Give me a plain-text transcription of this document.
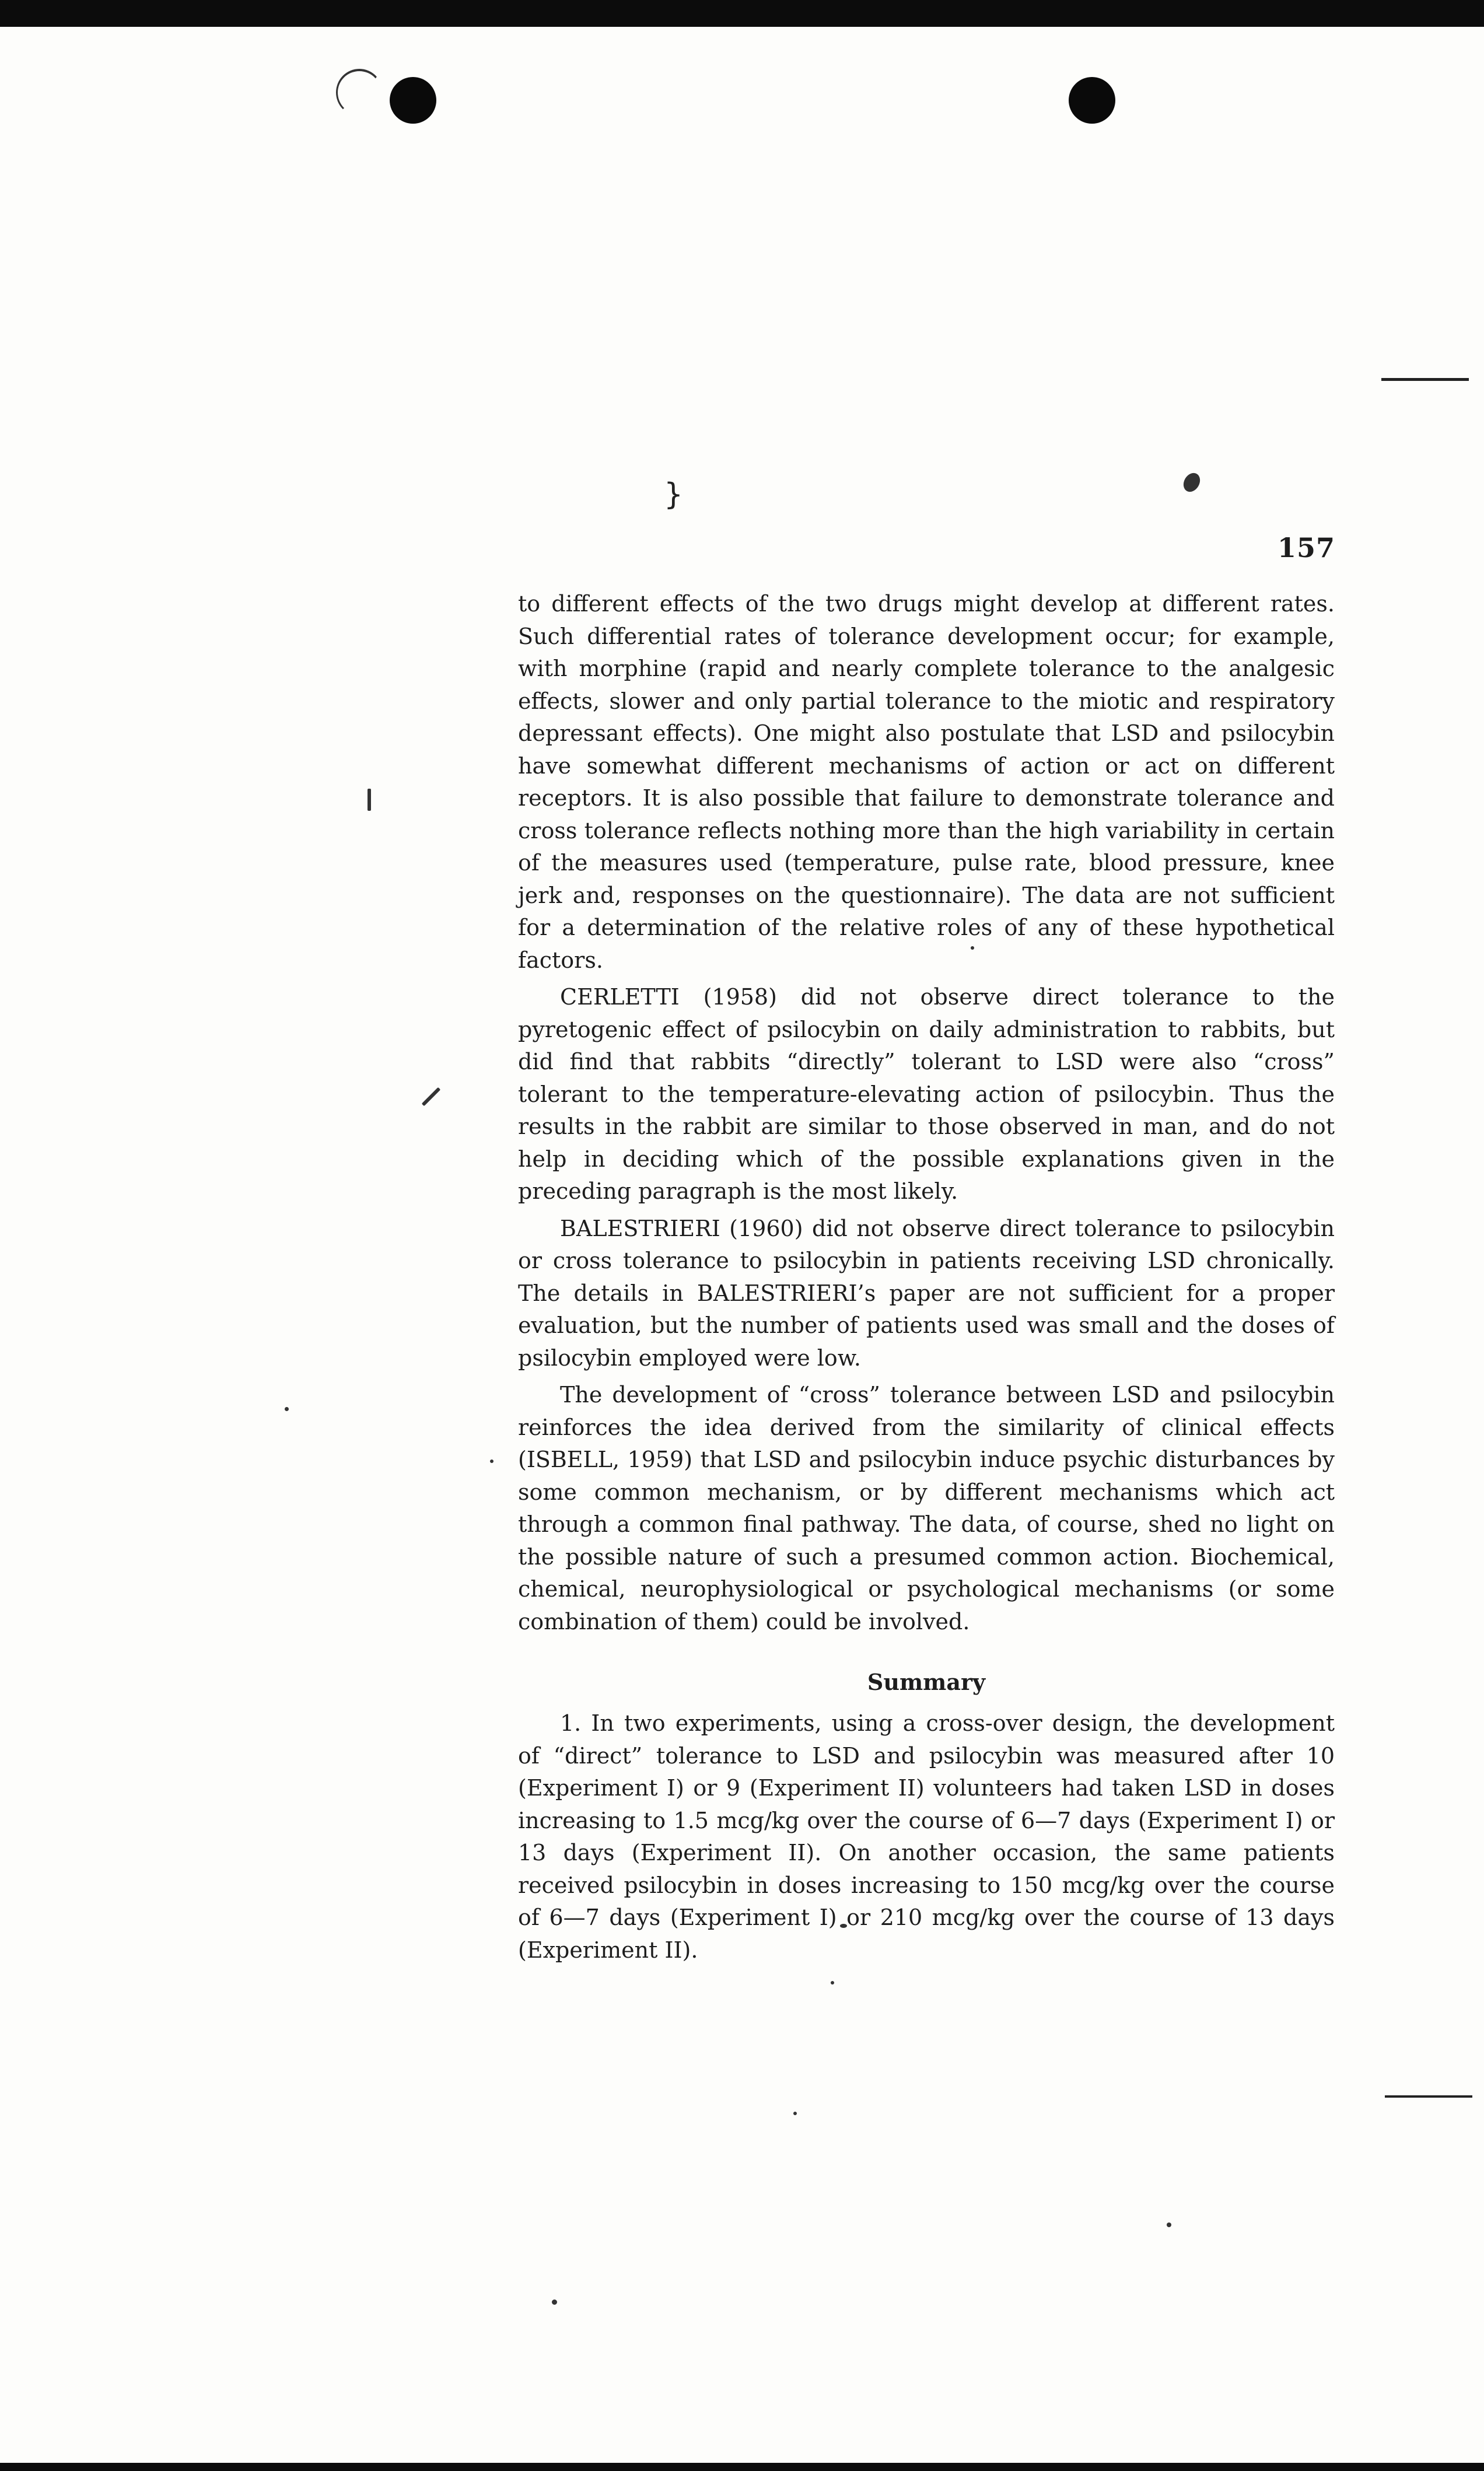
}
157

to different effects of the two drugs might develop at different rates. Such differential rates of tolerance development occur; for example, with morphine (rapid and nearly complete tolerance to the analgesic effects, slower and only partial tolerance to the miotic and respiratory depressant effects). One might also postulate that LSD and psilocybin have somewhat different mechanisms of action or act on different receptors. It is also possible that failure to demonstrate tolerance and cross tolerance reflects nothing more than the high variability in certain of the measures used (temperature, pulse rate, blood pressure, knee jerk and, responses on the questionnaire). The data are not sufficient for a determination of the relative roles of any of these hypothetical factors.

CERLETTI (1958) did not observe direct tolerance to the pyretogenic effect of psilocybin on daily administration to rabbits, but did find that rabbits “directly” tolerant to LSD were also “cross” tolerant to the temperature-elevating action of psilocybin. Thus the results in the rabbit are similar to those observed in man, and do not help in deciding which of the possible explanations given in the preceding paragraph is the most likely.

BALESTRIERI (1960) did not observe direct tolerance to psilocybin or cross tolerance to psilocybin in patients receiving LSD chronically. The details in BALESTRIERI’s paper are not sufficient for a proper evaluation, but the number of patients used was small and the doses of psilocybin employed were low.

The development of “cross” tolerance between LSD and psilocybin reinforces the idea derived from the similarity of clinical effects (ISBELL, 1959) that LSD and psilocybin induce psychic disturbances by some common mechanism, or by different mechanisms which act through a common final pathway. The data, of course, shed no light on the possible nature of such a presumed common action. Biochemical, chemical, neurophysiological or psychological mechanisms (or some combination of them) could be involved.

Summary

1. In two experiments, using a cross-over design, the development of “direct” tolerance to LSD and psilocybin was measured after 10 (Experiment I) or 9 (Experiment II) volunteers had taken LSD in doses increasing to 1.5 mcg/kg over the course of 6—7 days (Experiment I) or 13 days (Experiment II). On another occasion, the same patients received psilocybin in doses increasing to 150 mcg/kg over the course of 6—7 days (Experiment I) or 210 mcg/kg over the course of 13 days (Experiment II).
